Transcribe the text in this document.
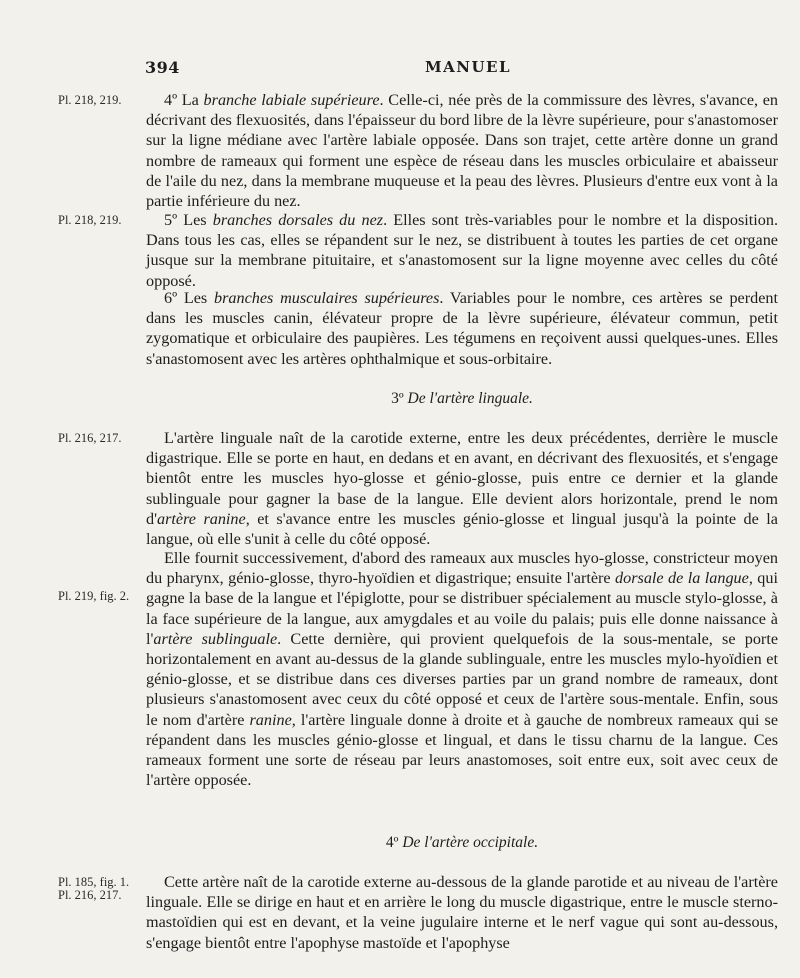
394	MANUEL
Pl. 218, 219.
Pl. 218, 219.
Pl. 216, 217.
Pl. 219, fig. 2.
Pl. 185, fig. 1.
Pl. 216, 217.
4º La branche labiale supérieure. Celle-ci, née près de la commissure des lèvres, s'avance, en décrivant des flexuosités, dans l'épaisseur du bord libre de la lèvre supérieure, pour s'anastomoser sur la ligne médiane avec l'artère labiale opposée. Dans son trajet, cette artère donne un grand nombre de rameaux qui forment une espèce de réseau dans les muscles orbiculaire et abaisseur de l'aile du nez, dans la membrane muqueuse et la peau des lèvres. Plusieurs d'entre eux vont à la partie inférieure du nez.
5º Les branches dorsales du nez. Elles sont très-variables pour le nombre et la disposition. Dans tous les cas, elles se répandent sur le nez, se distribuent à toutes les parties de cet organe jusque sur la membrane pituitaire, et s'anastomosent sur la ligne moyenne avec celles du côté opposé.
6º Les branches musculaires supérieures. Variables pour le nombre, ces artères se perdent dans les muscles canin, élévateur propre de la lèvre supérieure, élévateur commun, petit zygomatique et orbiculaire des paupières. Les tégumens en reçoivent aussi quelques-unes. Elles s'anastomosent avec les artères ophthalmique et sous-orbitaire.
3º De l'artère linguale.
L'artère linguale naît de la carotide externe, entre les deux précédentes, derrière le muscle digastrique. Elle se porte en haut, en dedans et en avant, en décrivant des flexuosités, et s'engage bientôt entre les muscles hyo-glosse et génio-glosse, puis entre ce dernier et la glande sublinguale pour gagner la base de la langue. Elle devient alors horizontale, prend le nom d'artère ranine, et s'avance entre les muscles génio-glosse et lingual jusqu'à la pointe de la langue, où elle s'unit à celle du côté opposé.
Elle fournit successivement, d'abord des rameaux aux muscles hyo-glosse, constricteur moyen du pharynx, génio-glosse, thyro-hyoïdien et digastrique; ensuite l'artère dorsale de la langue, qui gagne la base de la langue et l'épiglotte, pour se distribuer spécialement au muscle stylo-glosse, à la face supérieure de la langue, aux amygdales et au voile du palais; puis elle donne naissance à l'artère sublinguale. Cette dernière, qui provient quelquefois de la sous-mentale, se porte horizontalement en avant au-dessus de la glande sublinguale, entre les muscles mylo-hyoïdien et génio-glosse, et se distribue dans ces diverses parties par un grand nombre de rameaux, dont plusieurs s'anastomosent avec ceux du côté opposé et ceux de l'artère sous-mentale. Enfin, sous le nom d'artère ranine, l'artère linguale donne à droite et à gauche de nombreux rameaux qui se répandent dans les muscles génio-glosse et lingual, et dans le tissu charnu de la langue. Ces rameaux forment une sorte de réseau par leurs anastomoses, soit entre eux, soit avec ceux de l'artère opposée.
4º De l'artère occipitale.
Cette artère naît de la carotide externe au-dessous de la glande parotide et au niveau de l'artère linguale. Elle se dirige en haut et en arrière le long du muscle digastrique, entre le muscle sterno-mastoïdien qui est en devant, et la veine jugulaire interne et le nerf vague qui sont au-dessous, s'engage bientôt entre l'apophyse mastoïde et l'apophyse
